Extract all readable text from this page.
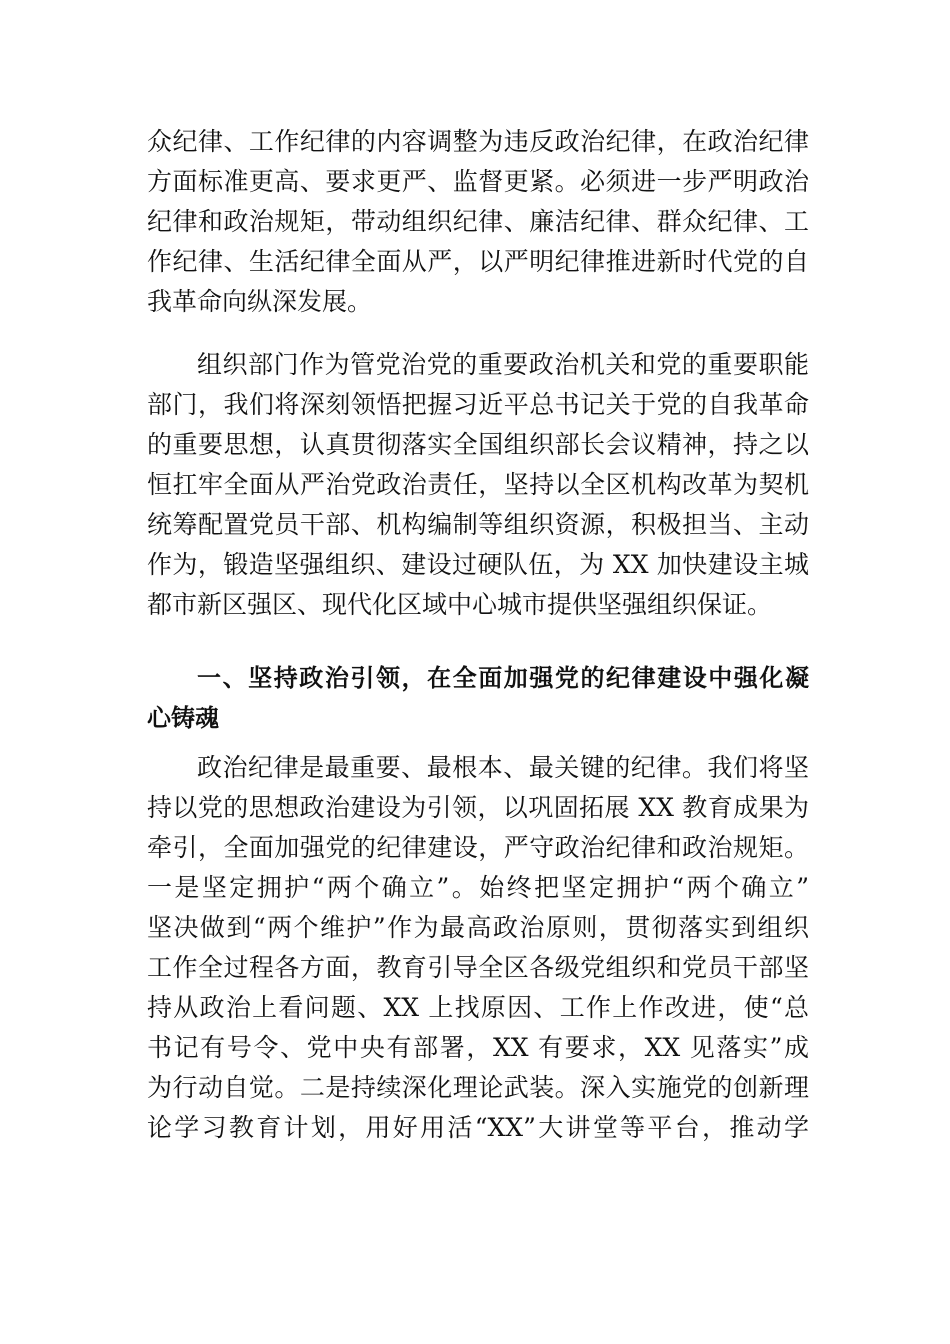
众纪律、工作纪律的内容调整为违反政治纪律，在政治纪律
方面标准更高、要求更严、监督更紧。必须进一步严明政治
纪律和政治规矩，带动组织纪律、廉洁纪律、群众纪律、工
作纪律、生活纪律全面从严，以严明纪律推进新时代党的自
我革命向纵深发展。
组织部门作为管党治党的重要政治机关和党的重要职能
部门，我们将深刻领悟把握习近平总书记关于党的自我革命
的重要思想，认真贯彻落实全国组织部长会议精神，持之以
恒扛牢全面从严治党政治责任，坚持以全区机构改革为契机
统筹配置党员干部、机构编制等组织资源，积极担当、主动
作为，锻造坚强组织、建设过硬队伍，为 XX 加快建设主城
都市新区强区、现代化区域中心城市提供坚强组织保证。
一、坚持政治引领，在全面加强党的纪律建设中强化凝
心铸魂
政治纪律是最重要、最根本、最关键的纪律。我们将坚
持以党的思想政治建设为引领，以巩固拓展 XX 教育成果为
牵引，全面加强党的纪律建设，严守政治纪律和政治规矩。
一是坚定拥护“两个确立”。始终把坚定拥护“两个确立”
坚决做到“两个维护”作为最高政治原则，贯彻落实到组织
工作全过程各方面，教育引导全区各级党组织和党员干部坚
持从政治上看问题、XX 上找原因、工作上作改进，使“总
书记有号令、党中央有部署，XX 有要求，XX 见落实”成
为行动自觉。二是持续深化理论武装。深入实施党的创新理
论学习教育计划，用好用活“XX”大讲堂等平台，推动学
